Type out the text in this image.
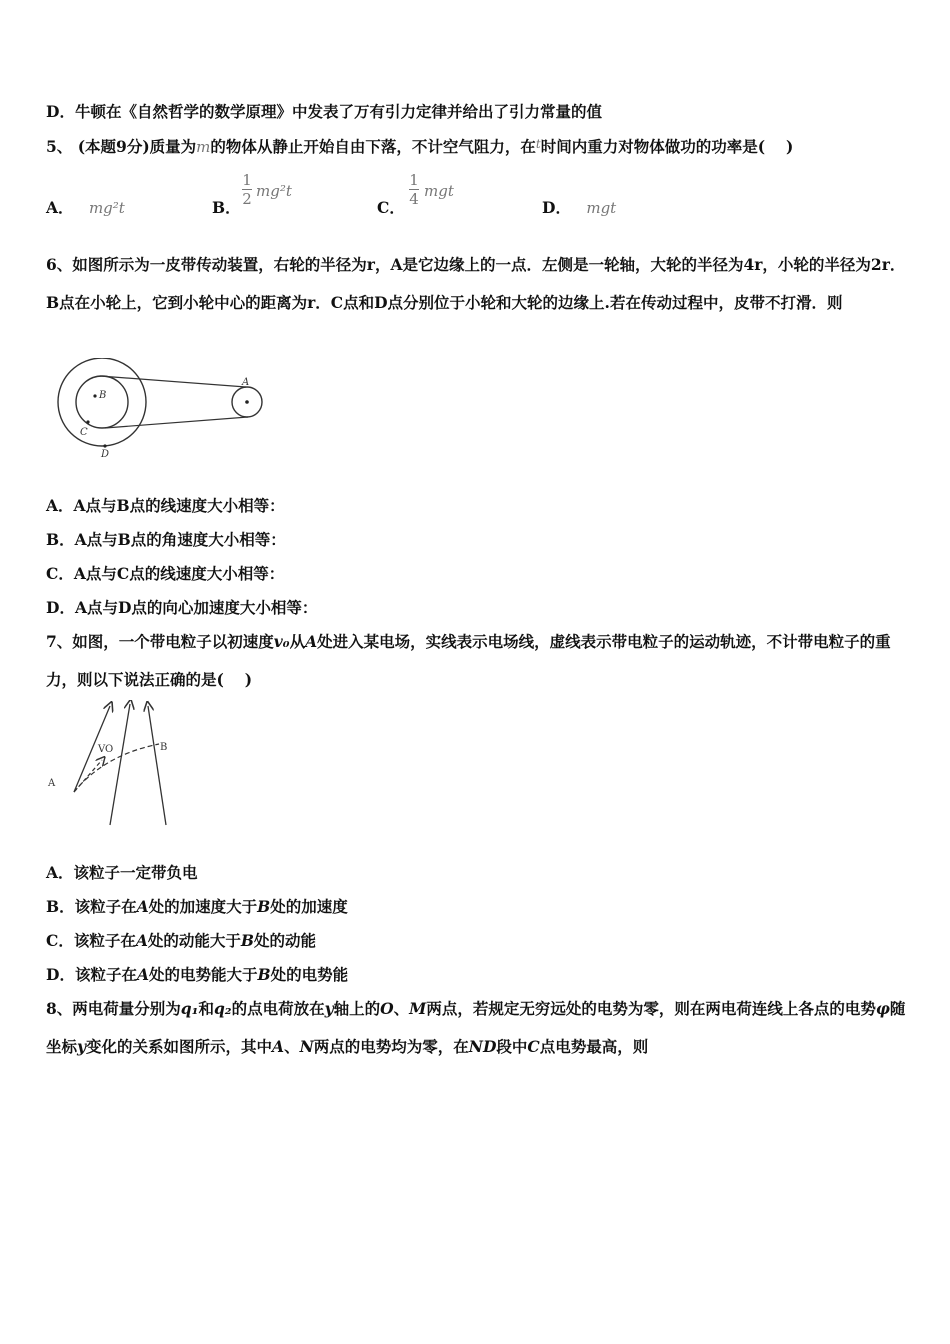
D．牛顿在《自然哲学的数学原理》中发表了万有引力定律并给出了引力常量的值
5、 (本题9分)质量为m的物体从静止开始自由下落，不计空气阻力，在$^t$时间内重力对物体做功的功率是(　 )
A． mg²t	B．
1
2 mg²t
C．
1
4 mgt
D． mgt
6、如图所示为一皮带传动装置，右轮的半径为r，A是它边缘上的一点．左侧是一轮轴，大轮的半径为4r，小轮的半径为2r．B点在小轮上，它到小轮中心的距离为r．C点和D点分别位于小轮和大轮的边缘上.若在传动过程中，皮带不打滑．则
A
B
C
D
A．A点与B点的线速度大小相等：
B．A点与B点的角速度大小相等：
C．A点与C点的线速度大小相等：
D．A点与D点的向心加速度大小相等：
7、如图，一个带电粒子以初速度v₀从A处进入某电场，实线表示电场线，虚线表示带电粒子的运动轨迹，不计带电粒子的重力，则以下说法正确的是(　 )
A
B
VO
A．该粒子一定带负电
B．该粒子在A处的加速度大于B处的加速度
C．该粒子在A处的动能大于B处的动能
D．该粒子在A处的电势能大于B处的电势能
8、两电荷量分别为q₁和q₂的点电荷放在y轴上的O、M两点，若规定无穷远处的电势为零，则在两电荷连线上各点的电势φ随坐标y变化的关系如图所示，其中A、N两点的电势均为零，在ND段中C点电势最高，则
